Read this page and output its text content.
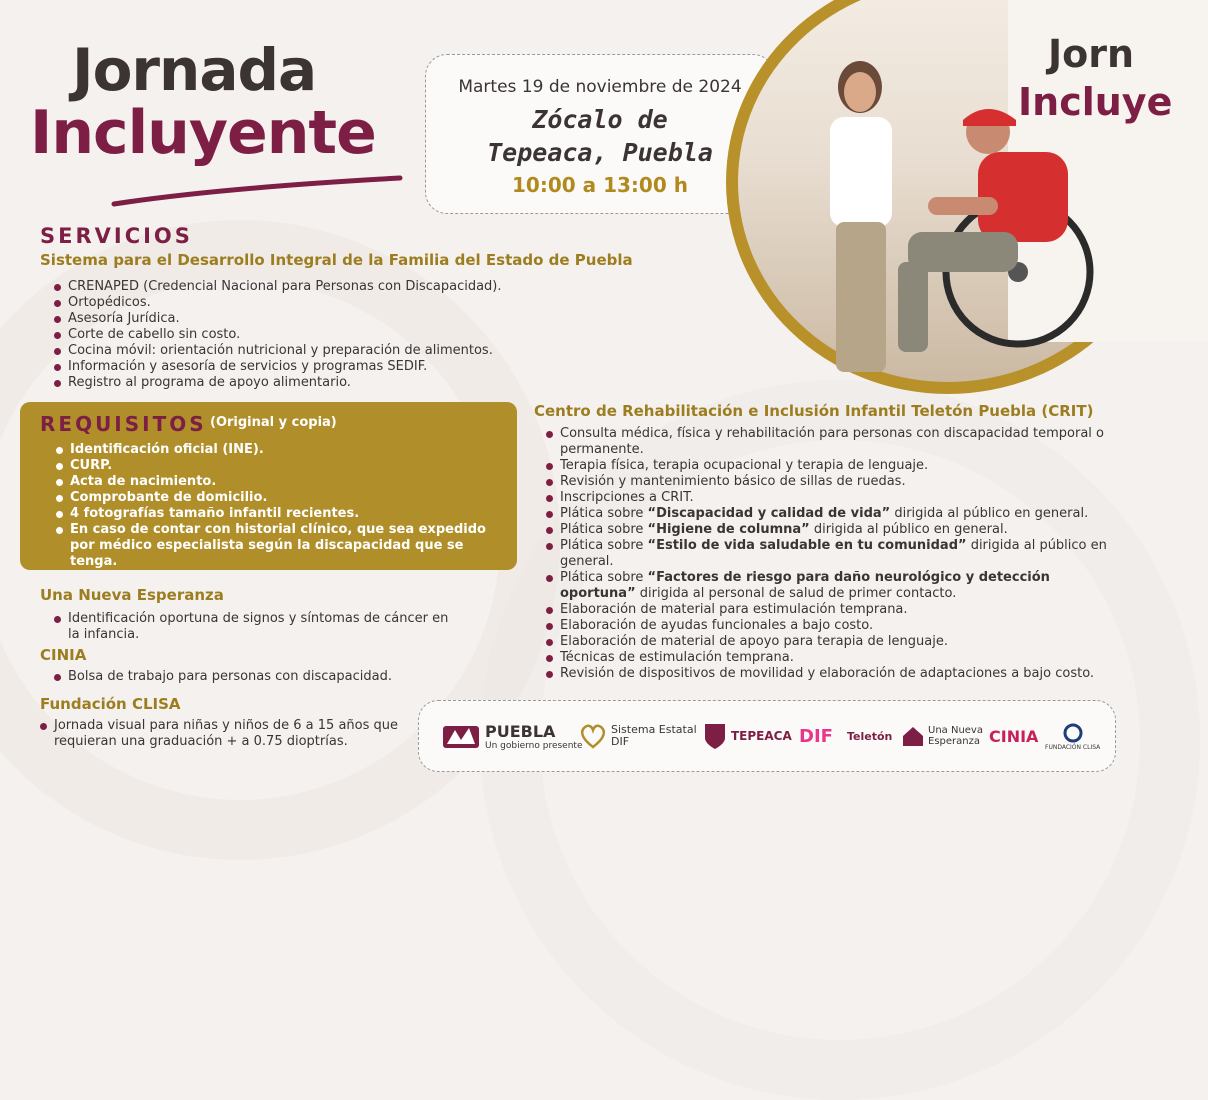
Jornada
Incluyente
Martes 19 de noviembre de 2024
Zócalo de
Tepeaca, Puebla
10:00 a 13:00 h
Jorn
Incluye
SERVICIOS
Sistema para el Desarrollo Integral de la Familia del Estado de Puebla
CRENAPED (Credencial Nacional para Personas con Discapacidad).
Ortopédicos.
Asesoría Jurídica.
Corte de cabello sin costo.
Cocina móvil: orientación nutricional y preparación de alimentos.
Información y asesoría de servicios y programas SEDIF.
Registro al programa de apoyo alimentario.
REQUISITOS (Original y copia)
Identificación oficial (INE).
CURP.
Acta de nacimiento.
Comprobante de domicilio.
4 fotografías tamaño infantil recientes.
En caso de contar con historial clínico, que sea expedido por médico especialista según la discapacidad que se tenga.
Una Nueva Esperanza
Identificación oportuna de signos y síntomas de cáncer en la infancia.
CINIA
Bolsa de trabajo para personas con discapacidad.
Fundación CLISA
Jornada visual para niñas y niños de 6 a 15 años que requieran una graduación + a 0.75 dioptrías.
Centro de Rehabilitación e Inclusión Infantil Teletón Puebla (CRIT)
Consulta médica, física y rehabilitación para personas con discapacidad temporal o permanente.
Terapia física, terapia ocupacional y terapia de lenguaje.
Revisión y mantenimiento básico de sillas de ruedas.
Inscripciones a CRIT.
Plática sobre “Discapacidad y calidad de vida” dirigida al público en general.
Plática sobre “Higiene de columna” dirigida al público en general.
Plática sobre “Estilo de vida saludable en tu comunidad” dirigida al público en general.
Plática sobre “Factores de riesgo para daño neurológico y detección oportuna” dirigida al personal de salud de primer contacto.
Elaboración de material para estimulación temprana.
Elaboración de ayudas funcionales a bajo costo.
Elaboración de material de apoyo para terapia de lenguaje.
Técnicas de estimulación temprana.
Revisión de dispositivos de movilidad y elaboración de adaptaciones a bajo costo.
PUEBLA
Un gobierno presente
Sistema Estatal
DIF	TEPEACA DIF Teletón	Una Nueva
Esperanza CINIA
FUNDACIÓN CLISA
